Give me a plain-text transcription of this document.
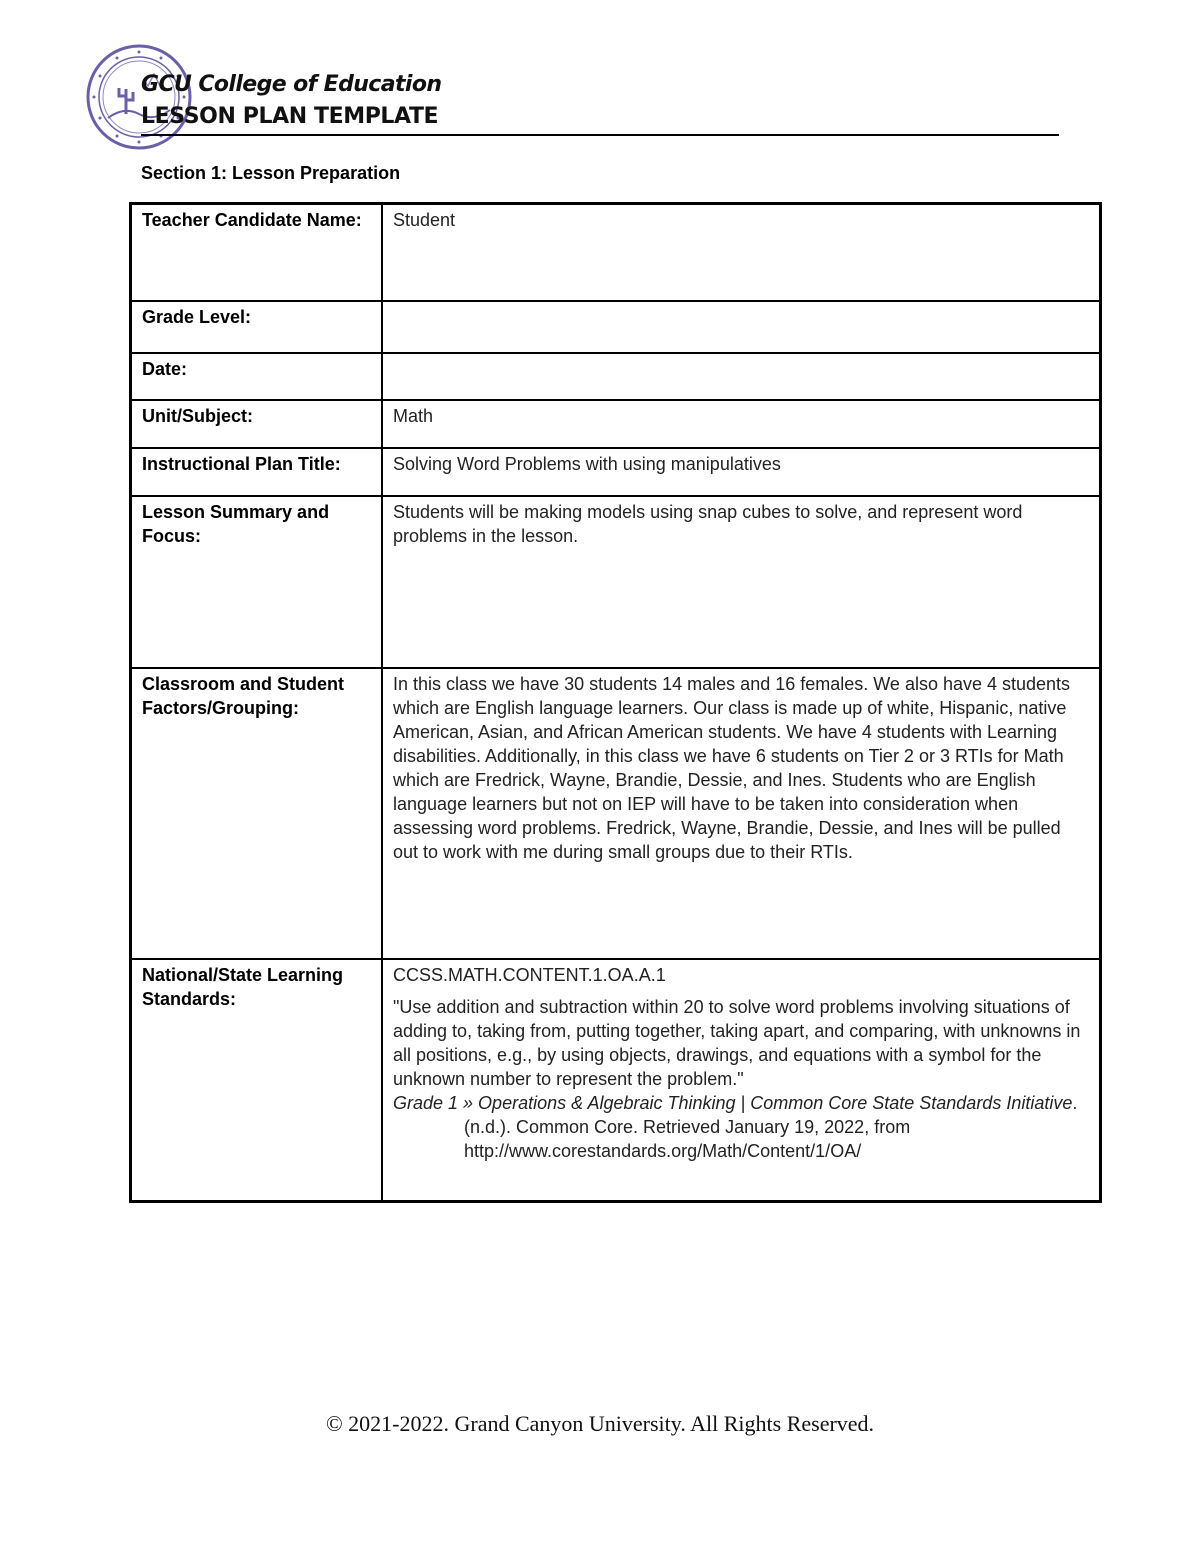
GCU College of Education
LESSON PLAN TEMPLATE
Section 1: Lesson Preparation
Teacher Candidate Name:	Student
Grade Level:	
Date:	
Unit/Subject:	Math
Instructional Plan Title:	Solving Word Problems with using manipulatives
Lesson Summary and Focus:	Students will be making models using snap cubes to solve, and represent word problems in the lesson.
Classroom and Student Factors/Grouping:	In this class we have 30 students 14 males and 16 females. We also have 4 students which are English language learners. Our class is made up of white, Hispanic, native American, Asian, and African American students. We have 4 students with Learning disabilities. Additionally, in this class we have 6 students on Tier 2 or 3 RTIs for Math which are Fredrick, Wayne, Brandie, Dessie, and Ines. Students who are English language learners but not on IEP will have to be taken into consideration when assessing word problems. Fredrick, Wayne, Brandie, Dessie, and Ines will be pulled out to work with me during small groups due to their RTIs.
National/State Learning Standards:	CCSS.MATH.CONTENT.1.OA.A.1

"Use addition and subtraction within 20 to solve word problems involving situations of adding to, taking from, putting together, taking apart, and comparing, with unknowns in all positions, e.g., by using objects, drawings, and equations with a symbol for the unknown number to represent the problem."

Grade 1 » Operations & Algebraic Thinking | Common Core State Standards Initiative. (n.d.). Common Core. Retrieved January 19, 2022, from http://www.corestandards.org/Math/Content/1/OA/

© 2021-2022. Grand Canyon University. All Rights Reserved.
